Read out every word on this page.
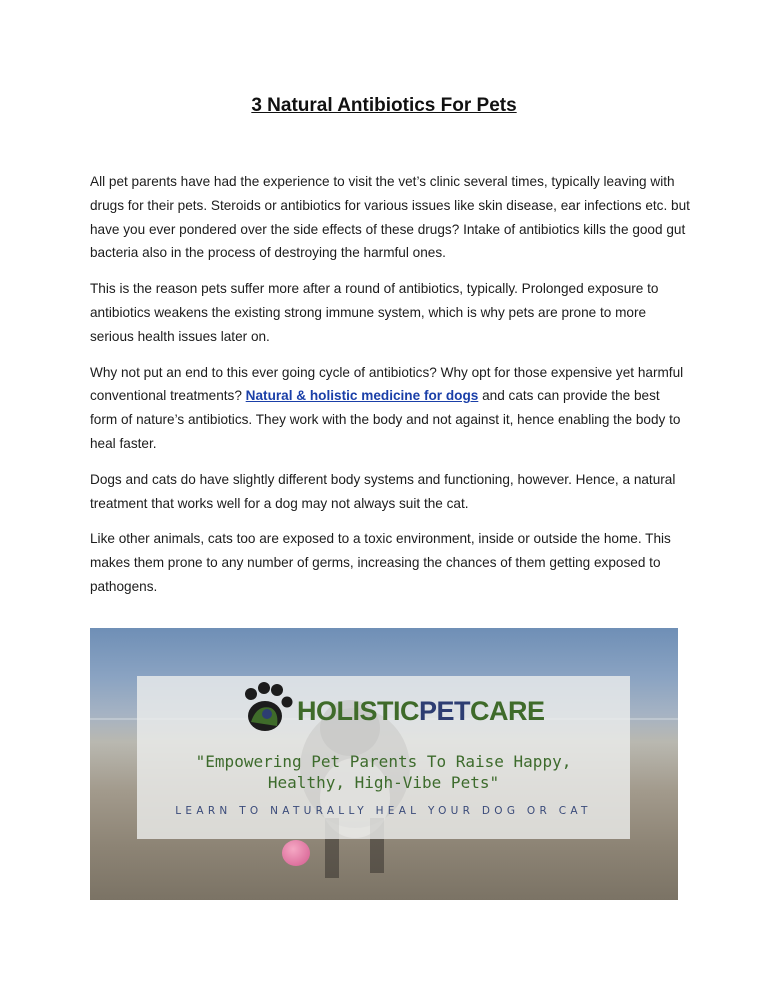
3 Natural Antibiotics For Pets

All pet parents have had the experience to visit the vet’s clinic several times, typically leaving with drugs for their pets. Steroids or antibiotics for various issues like skin disease, ear infections etc. but have you ever pondered over the side effects of these drugs? Intake of antibiotics kills the good gut bacteria also in the process of destroying the harmful ones.

This is the reason pets suffer more after a round of antibiotics, typically. Prolonged exposure to antibiotics weakens the existing strong immune system, which is why pets are prone to more serious health issues later on.

Why not put an end to this ever going cycle of antibiotics? Why opt for those expensive yet harmful conventional treatments? Natural & holistic medicine for dogs and cats can provide the best form of nature’s antibiotics. They work with the body and not against it, hence enabling the body to heal faster.

Dogs and cats do have slightly different body systems and functioning, however. Hence, a natural treatment that works well for a dog may not always suit the cat.

Like other animals, cats too are exposed to a toxic environment, inside or outside the home. This makes them prone to any number of germs, increasing the chances of them getting exposed to pathogens.

HOLISTICPETCARE
"Empowering Pet Parents To Raise Happy,
Healthy, High-Vibe Pets"
LEARN TO NATURALLY HEAL YOUR DOG OR CAT
